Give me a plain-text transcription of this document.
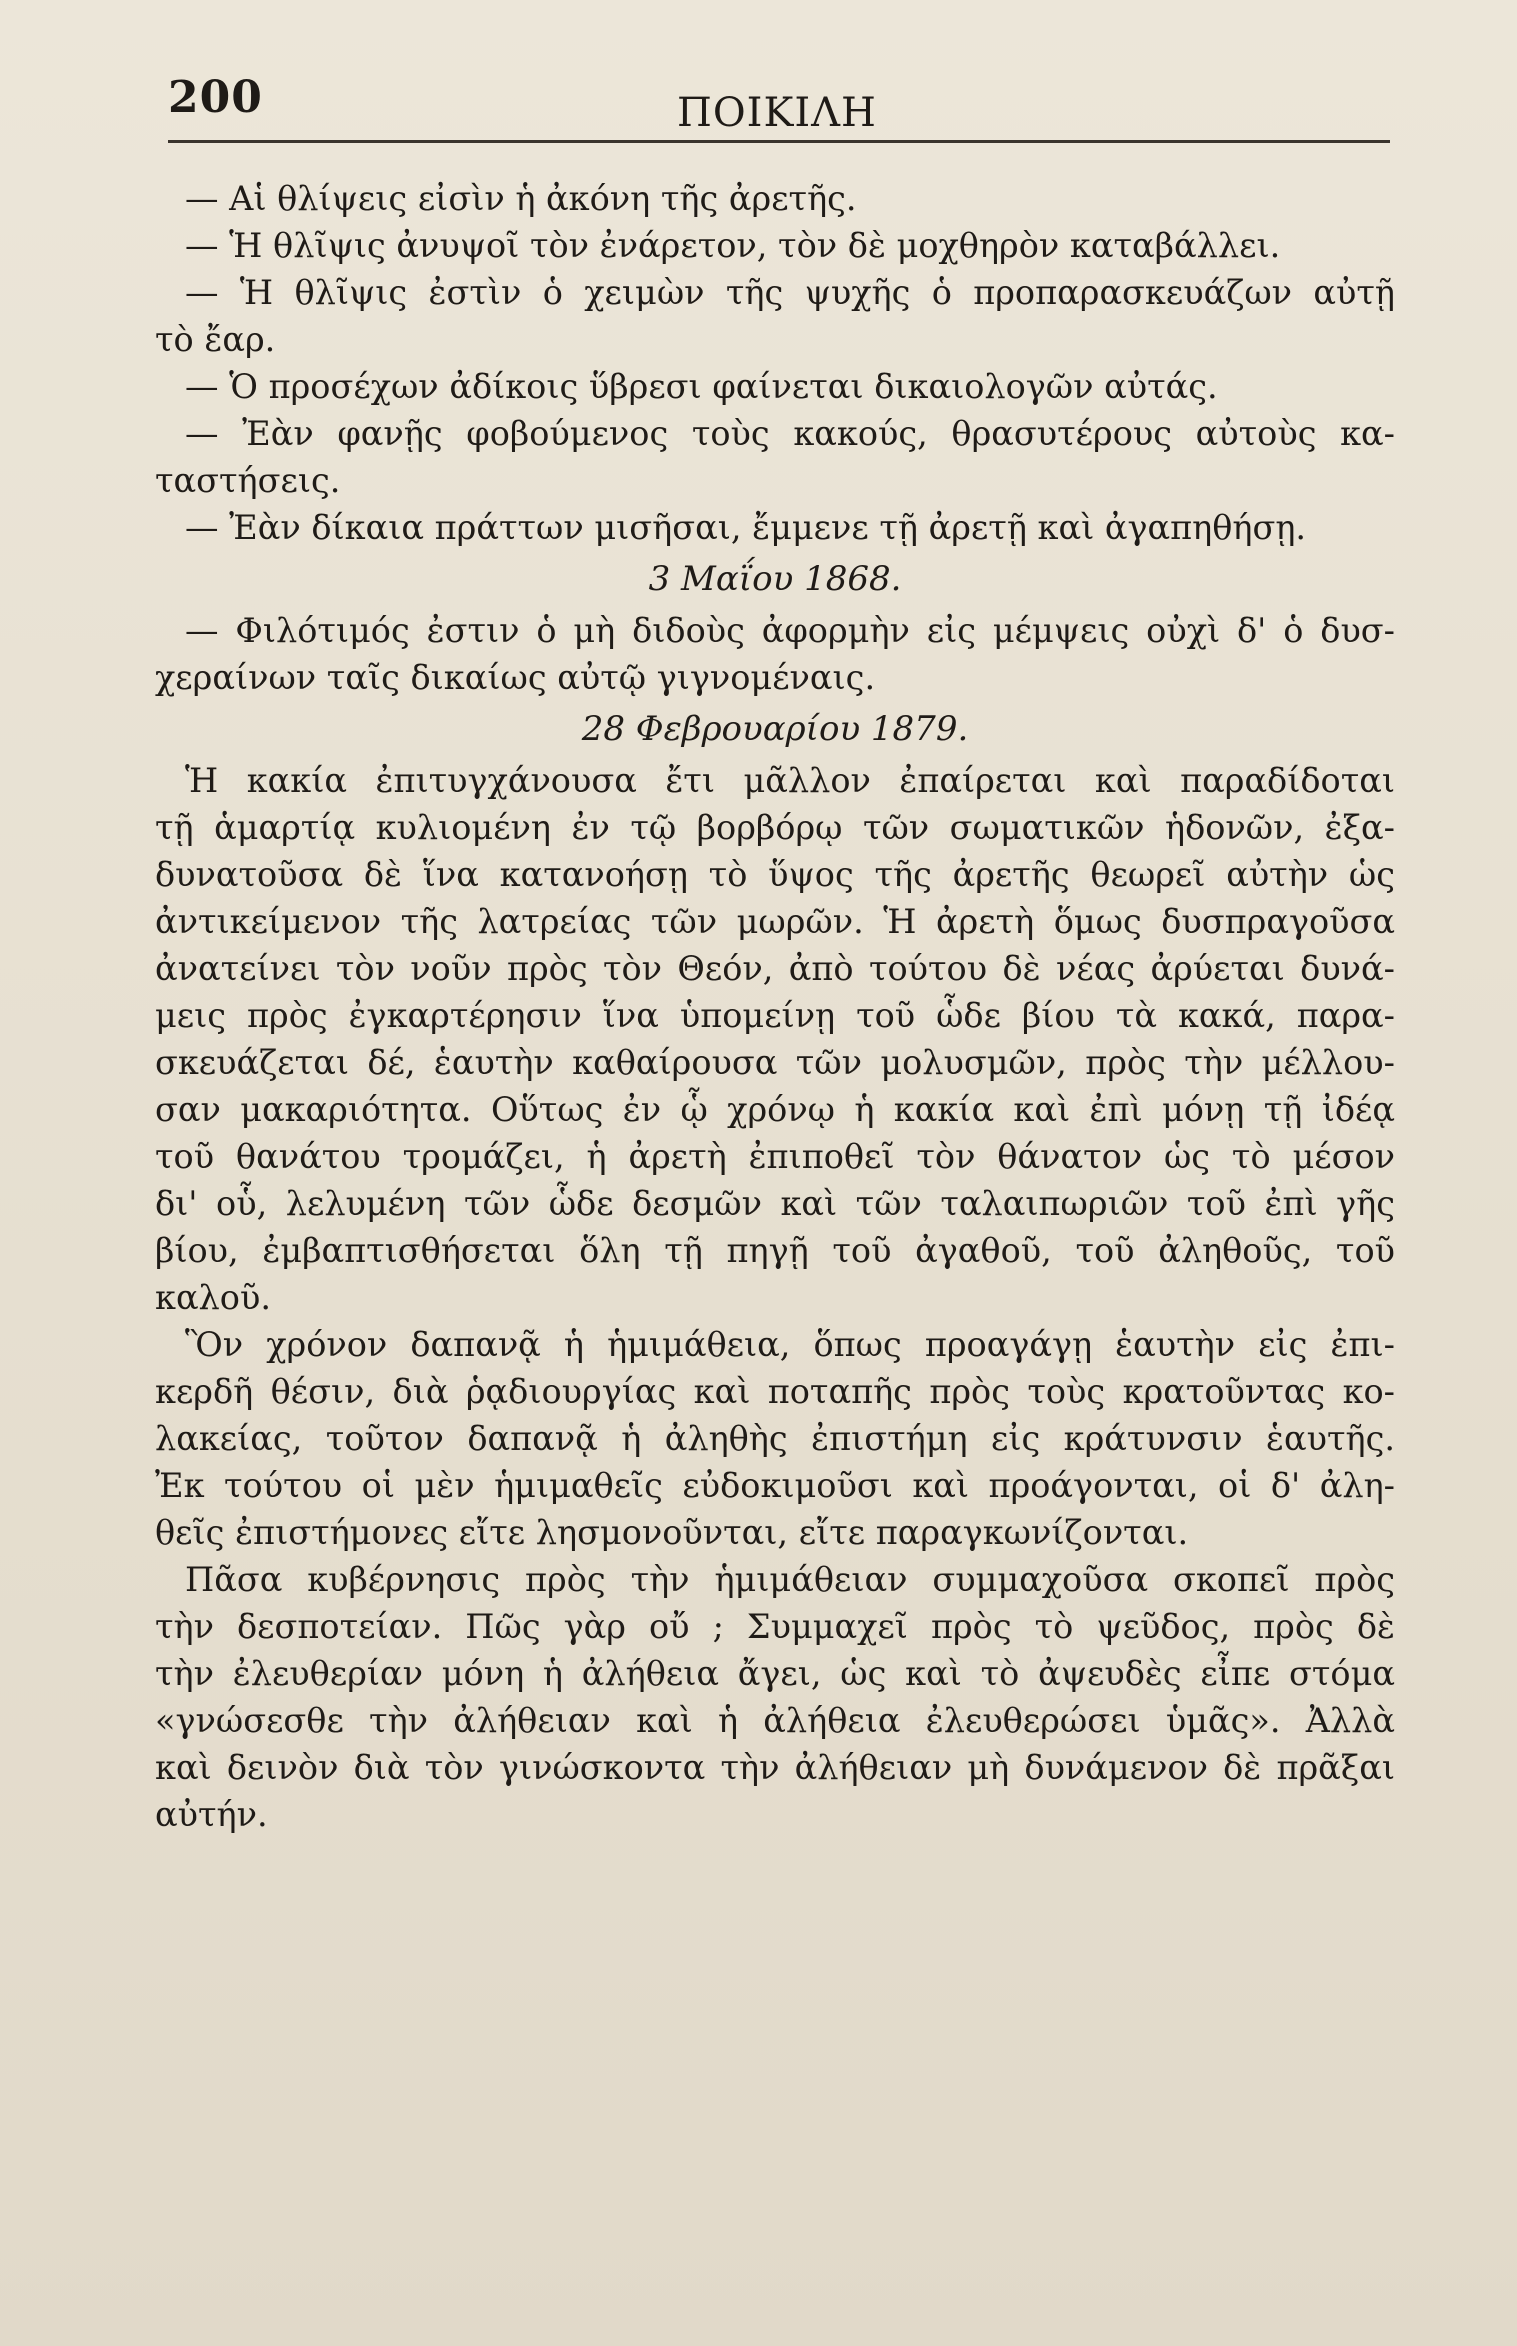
200	ΠΟΙΚΙΛΗ
— Αἱ θλίψεις εἰσὶν ἡ ἀκόνη τῆς ἀρετῆς.
— Ἡ θλῖψις ἀνυψοῖ τὸν ἐνάρετον, τὸν δὲ μοχθηρὸν καταβάλλει.
— Ἡ θλῖψις ἐστὶν ὁ χειμὼν τῆς ψυχῆς ὁ προπαρασκευάζων αὐτῇ
τὸ ἔαρ.
— Ὁ προσέχων ἀδίκοις ὕβρεσι φαίνεται δικαιολογῶν αὐτάς.
— Ἐὰν φανῇς φοβούμενος τοὺς κακούς, θρασυτέρους αὐτοὺς κα-
ταστήσεις.
— Ἐὰν δίκαια πράττων μισῆσαι, ἔμμενε τῇ ἀρετῇ καὶ ἀγαπηθήσῃ.
3 Μαΐου 1868.
— Φιλότιμός ἐστιν ὁ μὴ διδοὺς ἀφορμὴν εἰς μέμψεις οὐχὶ δ' ὁ δυσ-
χεραίνων ταῖς δικαίως αὐτῷ γιγνομέναις.
28 Φεβρουαρίου 1879.
Ἡ κακία ἐπιτυγχάνουσα ἔτι μᾶλλον ἐπαίρεται καὶ παραδίδοται
τῇ ἁμαρτίᾳ κυλιομένη ἐν τῷ βορβόρῳ τῶν σωματικῶν ἡδονῶν, ἐξα-
δυνατοῦσα δὲ ἵνα κατανοήσῃ τὸ ὕψος τῆς ἀρετῆς θεωρεῖ αὐτὴν ὡς
ἀντικείμενον τῆς λατρείας τῶν μωρῶν. Ἡ ἀρετὴ ὅμως δυσπραγοῦσα
ἀνατείνει τὸν νοῦν πρὸς τὸν Θεόν, ἀπὸ τούτου δὲ νέας ἀρύεται δυνά-
μεις πρὸς ἐγκαρτέρησιν ἵνα ὑπομείνῃ τοῦ ὧδε βίου τὰ κακά, παρα-
σκευάζεται δέ, ἑαυτὴν καθαίρουσα τῶν μολυσμῶν, πρὸς τὴν μέλλου-
σαν μακαριότητα. Οὕτως ἐν ᾧ χρόνῳ ἡ κακία καὶ ἐπὶ μόνῃ τῇ ἰδέᾳ
τοῦ θανάτου τρομάζει, ἡ ἀρετὴ ἐπιποθεῖ τὸν θάνατον ὡς τὸ μέσον
δι' οὗ, λελυμένη τῶν ὧδε δεσμῶν καὶ τῶν ταλαιπωριῶν τοῦ ἐπὶ γῆς
βίου, ἐμβαπτισθήσεται ὅλη τῇ πηγῇ τοῦ ἀγαθοῦ, τοῦ ἀληθοῦς, τοῦ
καλοῦ.
Ὃν χρόνον δαπανᾷ ἡ ἡμιμάθεια, ὅπως προαγάγῃ ἑαυτὴν εἰς ἐπι-
κερδῆ θέσιν, διὰ ῥᾳδιουργίας καὶ ποταπῆς πρὸς τοὺς κρατοῦντας κο-
λακείας, τοῦτον δαπανᾷ ἡ ἀληθὴς ἐπιστήμη εἰς κράτυνσιν ἑαυτῆς.
Ἐκ τούτου οἱ μὲν ἡμιμαθεῖς εὐδοκιμοῦσι καὶ προάγονται, οἱ δ' ἀλη-
θεῖς ἐπιστήμονες εἴτε λησμονοῦνται, εἴτε παραγκωνίζονται.
Πᾶσα κυβέρνησις πρὸς τὴν ἡμιμάθειαν συμμαχοῦσα σκοπεῖ πρὸς
τὴν δεσποτείαν. Πῶς γὰρ οὔ ; Συμμαχεῖ πρὸς τὸ ψεῦδος, πρὸς δὲ
τὴν ἐλευθερίαν μόνη ἡ ἀλήθεια ἄγει, ὡς καὶ τὸ ἀψευδὲς εἶπε στόμα
«γνώσεσθε τὴν ἀλήθειαν καὶ ἡ ἀλήθεια ἐλευθερώσει ὑμᾶς». Ἀλλὰ
καὶ δεινὸν διὰ τὸν γινώσκοντα τὴν ἀλήθειαν μὴ δυνάμενον δὲ πρᾶξαι
αὐτήν.
